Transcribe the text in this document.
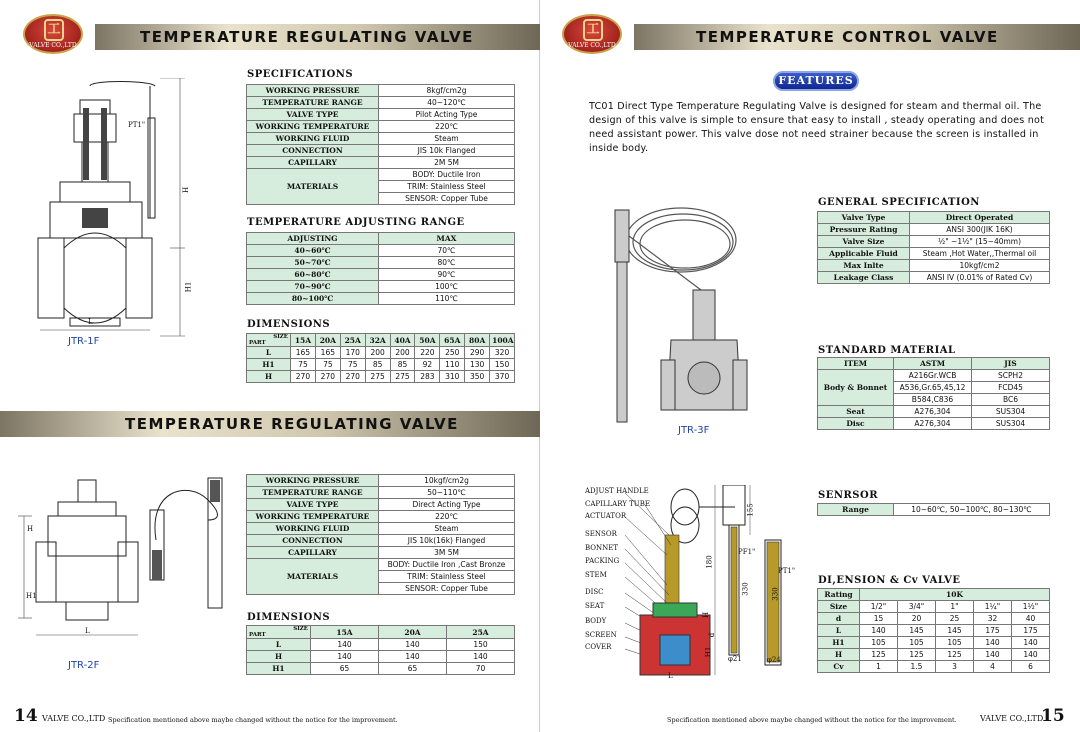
工
VALVE CO.,LTD	TEMPERATURE REGULATING VALVE
PT1"
H
H1
L
JTR-1F
SPECIFICATIONS
WORKING PRESSURE	8kgf/cm2g
TEMPERATURE RANGE	40~120℃
VALVE TYPE	Pilot Acting Type
WORKING TEMPERATURE	220℃
WORKING FLUID	Steam
CONNECTION	JIS 10k Flanged
CAPILLARY	2M 5M
MATERIALS	BODY: Ductile Iron
	TRIM: Stainless Steel
	SENSOR: Copper Tube
TEMPERATURE ADJUSTING RANGE
ADJUSTING	MAX
40~60℃	70℃
50~70℃	80℃
60~80℃	90℃
70~90℃	100℃
80~100℃	110℃
DIMENSIONS
SIZE
PART	15A	20A	25A	32A	40A	50A	65A	80A	100A
L	165	165	170	200	200	220	250	290	320
H1	75	75	75	85	85	92	110	130	150
H	270	270	270	275	275	283	310	350	370
TEMPERATURE REGULATING VALVE
H
H1
L
JTR-2F
WORKING PRESSURE	10kgf/cm2g
TEMPERATURE RANGE	50~110℃
VALVE TYPE	Direct Acting Type
WORKING TEMPERATURE	220℃
WORKING FLUID	Steam
CONNECTION	JIS 10k(16k) Flanged
CAPILLARY	3M 5M
MATERIALS	BODY: Ductile Iron ,Cast Bronze
	TRIM: Stainless Steel
	SENSOR: Copper Tube
DIMENSIONS
SIZE
PART	15A	20A	25A
L	140	140	150
H	140	140	140
H1	65	65	70
14 VALVE CO.,LTD Specification mentioned above maybe changed without the notice for the improvement.
工
VALVE CO.,LTD	TEMPERATURE CONTROL VALVE
FEATURES

TC01 Direct Type Temperature Regulating Valve is designed for steam and thermal oil. The design of this valve is simple to ensure that easy to install , steady operating and does not need assistant power. This valve dose not need strainer because the screen is installed in inside body.

JTR-3F
GENERAL SPECIFICATION
Valve Type	Direct Operated
Pressure Rating	ANSI 300(JIK 16K)
Valve Size	½" ~1½" (15~40mm)
Applicable Fluid	Steam ,Hot Water,,Thermal oil
Max Inlte	10kgf/cm2
Leakage Class	ANSI IV (0.01% of Rated Cv)
STANDARD MATERIAL
ITEM	ASTM	JIS
Body & Bonnet	A216Gr.WCB	SCPH2
	A536,Gr.65,45,12	FCD45
	B584,C836	BC6
Seat	A276,304	SUS304
Disc	A276,304	SUS304
SENRSOR
Range	10~60℃, 50~100℃, 80~130℃
DI,ENSION & Cv VALVE
Rating	10K				
Size	1/2"	3/4"	1"	1¼"	1½"
d	15	20	25	32	40
L	140	145	145	175	175
H1	105	105	105	140	140
H	125	125	125	140	140
Cv	1	1.5	3	4	6
ADJUST HANDLE
CAPILLARY TUBE
ACTUATOR
SENSOR
BONNET
PACKING
STEM
DISC
SEAT
BODY
SCREEN
COVER
155
180
330	330
PF1"
PT1"
H
H1
d
φ21	φ24
L
Specification mentioned above maybe changed without the notice for the improvement.	VALVE CO.,LTD
15
